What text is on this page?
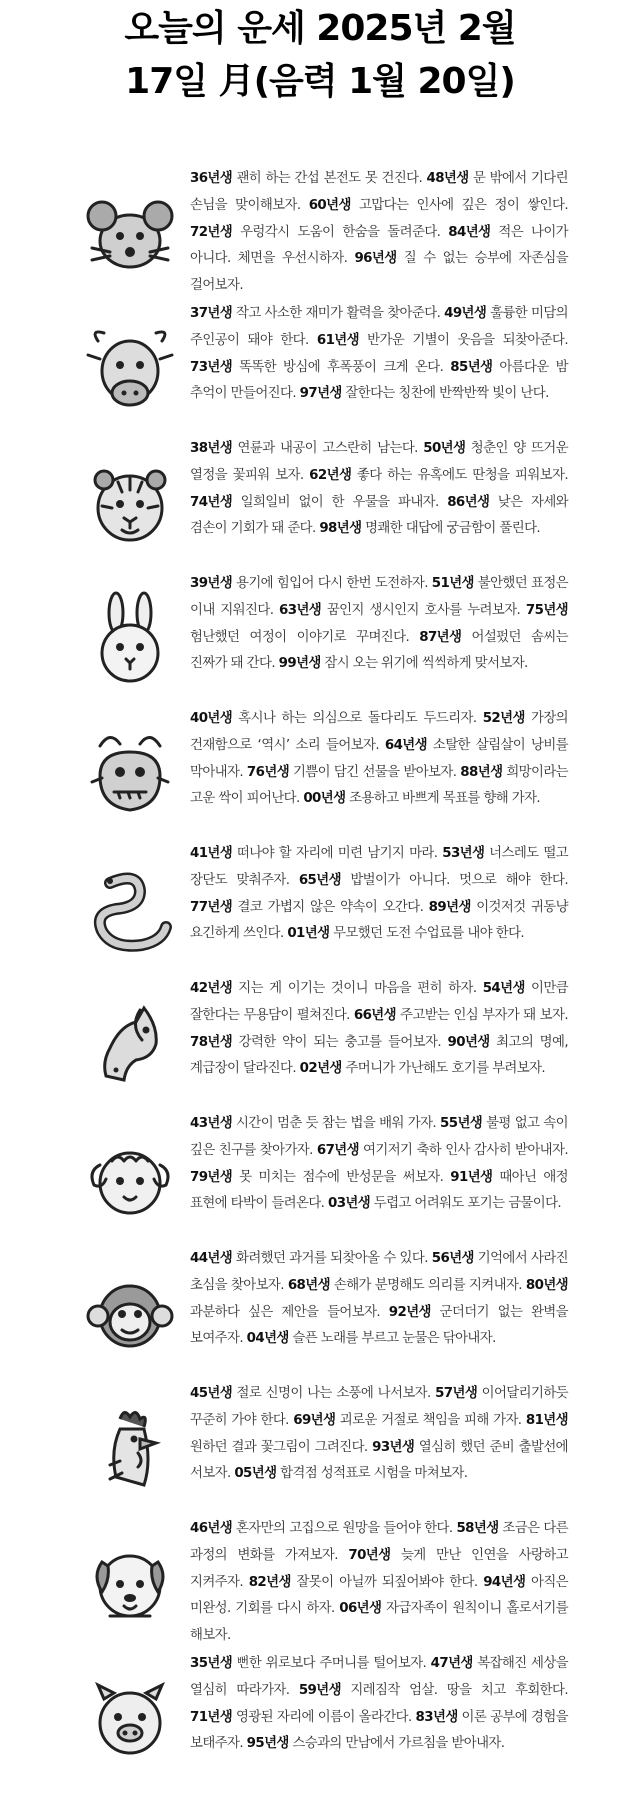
오늘의 운세 2025년 2월
17일 月(음력 1월 20일)
36년생 괜히 하는 간섭 본전도 못 건진다. 48년생 문 밖에서 기다린 손님을 맞이해보자. 60년생 고맙다는 인사에 깊은 정이 쌓인다. 72년생 우렁각시 도움이 한숨을 돌려준다. 84년생 적은 나이가 아니다. 체면을 우선시하자. 96년생 질 수 없는 승부에 자존심을 걸어보자.
37년생 작고 사소한 재미가 활력을 찾아준다. 49년생 훌륭한 미담의 주인공이 돼야 한다. 61년생 반가운 기별이 웃음을 되찾아준다. 73년생 똑똑한 방심에 후폭풍이 크게 온다. 85년생 아름다운 밤 추억이 만들어진다. 97년생 잘한다는 칭찬에 반짝반짝 빛이 난다.
38년생 연륜과 내공이 고스란히 남는다. 50년생 청춘인 양 뜨거운 열정을 꽃피워 보자. 62년생 좋다 하는 유혹에도 딴청을 피워보자. 74년생 일희일비 없이 한 우물을 파내자. 86년생 낮은 자세와 겸손이 기회가 돼 준다. 98년생 명쾌한 대답에 궁금함이 풀린다.
39년생 용기에 힘입어 다시 한번 도전하자. 51년생 불안했던 표정은 이내 지워진다. 63년생 꿈인지 생시인지 호사를 누려보자. 75년생 험난했던 여정이 이야기로 꾸며진다. 87년생 어설펐던 솜씨는 진짜가 돼 간다. 99년생 잠시 오는 위기에 씩씩하게 맞서보자.
40년생 혹시나 하는 의심으로 돌다리도 두드리자. 52년생 가장의 건재함으로 ‘역시’ 소리 들어보자. 64년생 소탈한 살림살이 낭비를 막아내자. 76년생 기쁨이 담긴 선물을 받아보자. 88년생 희망이라는 고운 싹이 피어난다. 00년생 조용하고 바쁘게 목표를 향해 가자.
41년생 떠나야 할 자리에 미련 남기지 마라. 53년생 너스레도 떨고 장단도 맞춰주자. 65년생 밥벌이가 아니다. 멋으로 해야 한다. 77년생 결코 가볍지 않은 약속이 오간다. 89년생 이것저것 귀동냥 요긴하게 쓰인다. 01년생 무모했던 도전 수업료를 내야 한다.
42년생 지는 게 이기는 것이니 마음을 편히 하자. 54년생 이만큼 잘한다는 무용담이 펼쳐진다. 66년생 주고받는 인심 부자가 돼 보자. 78년생 강력한 약이 되는 충고를 들어보자. 90년생 최고의 명예, 계급장이 달라진다. 02년생 주머니가 가난해도 호기를 부려보자.
43년생 시간이 멈춘 듯 참는 법을 배워 가자. 55년생 불평 없고 속이 깊은 친구를 찾아가자. 67년생 여기저기 축하 인사 감사히 받아내자. 79년생 못 미치는 점수에 반성문을 써보자. 91년생 때아닌 애정 표현에 타박이 들려온다. 03년생 두렵고 어려워도 포기는 금물이다.
44년생 화려했던 과거를 되찾아올 수 있다. 56년생 기억에서 사라진 초심을 찾아보자. 68년생 손해가 분명해도 의리를 지켜내자. 80년생 과분하다 싶은 제안을 들어보자. 92년생 군더더기 없는 완벽을 보여주자. 04년생 슬픈 노래를 부르고 눈물은 닦아내자.
45년생 절로 신명이 나는 소풍에 나서보자. 57년생 이어달리기하듯 꾸준히 가야 한다. 69년생 괴로운 거절로 책임을 피해 가자. 81년생 원하던 결과 꽃그림이 그려진다. 93년생 열심히 했던 준비 출발선에 서보자. 05년생 합격점 성적표로 시험을 마쳐보자.
46년생 혼자만의 고집으로 원망을 들어야 한다. 58년생 조금은 다른 과정의 변화를 가져보자. 70년생 늦게 만난 인연을 사랑하고 지켜주자. 82년생 잘못이 아닐까 되짚어봐야 한다. 94년생 아직은 미완성. 기회를 다시 하자. 06년생 자급자족이 원칙이니 홀로서기를 해보자.
35년생 뻔한 위로보다 주머니를 털어보자. 47년생 복잡해진 세상을 열심히 따라가자. 59년생 지레짐작 엄살. 땅을 치고 후회한다. 71년생 영광된 자리에 이름이 올라간다. 83년생 이론 공부에 경험을 보태주자. 95년생 스승과의 만남에서 가르침을 받아내자.
